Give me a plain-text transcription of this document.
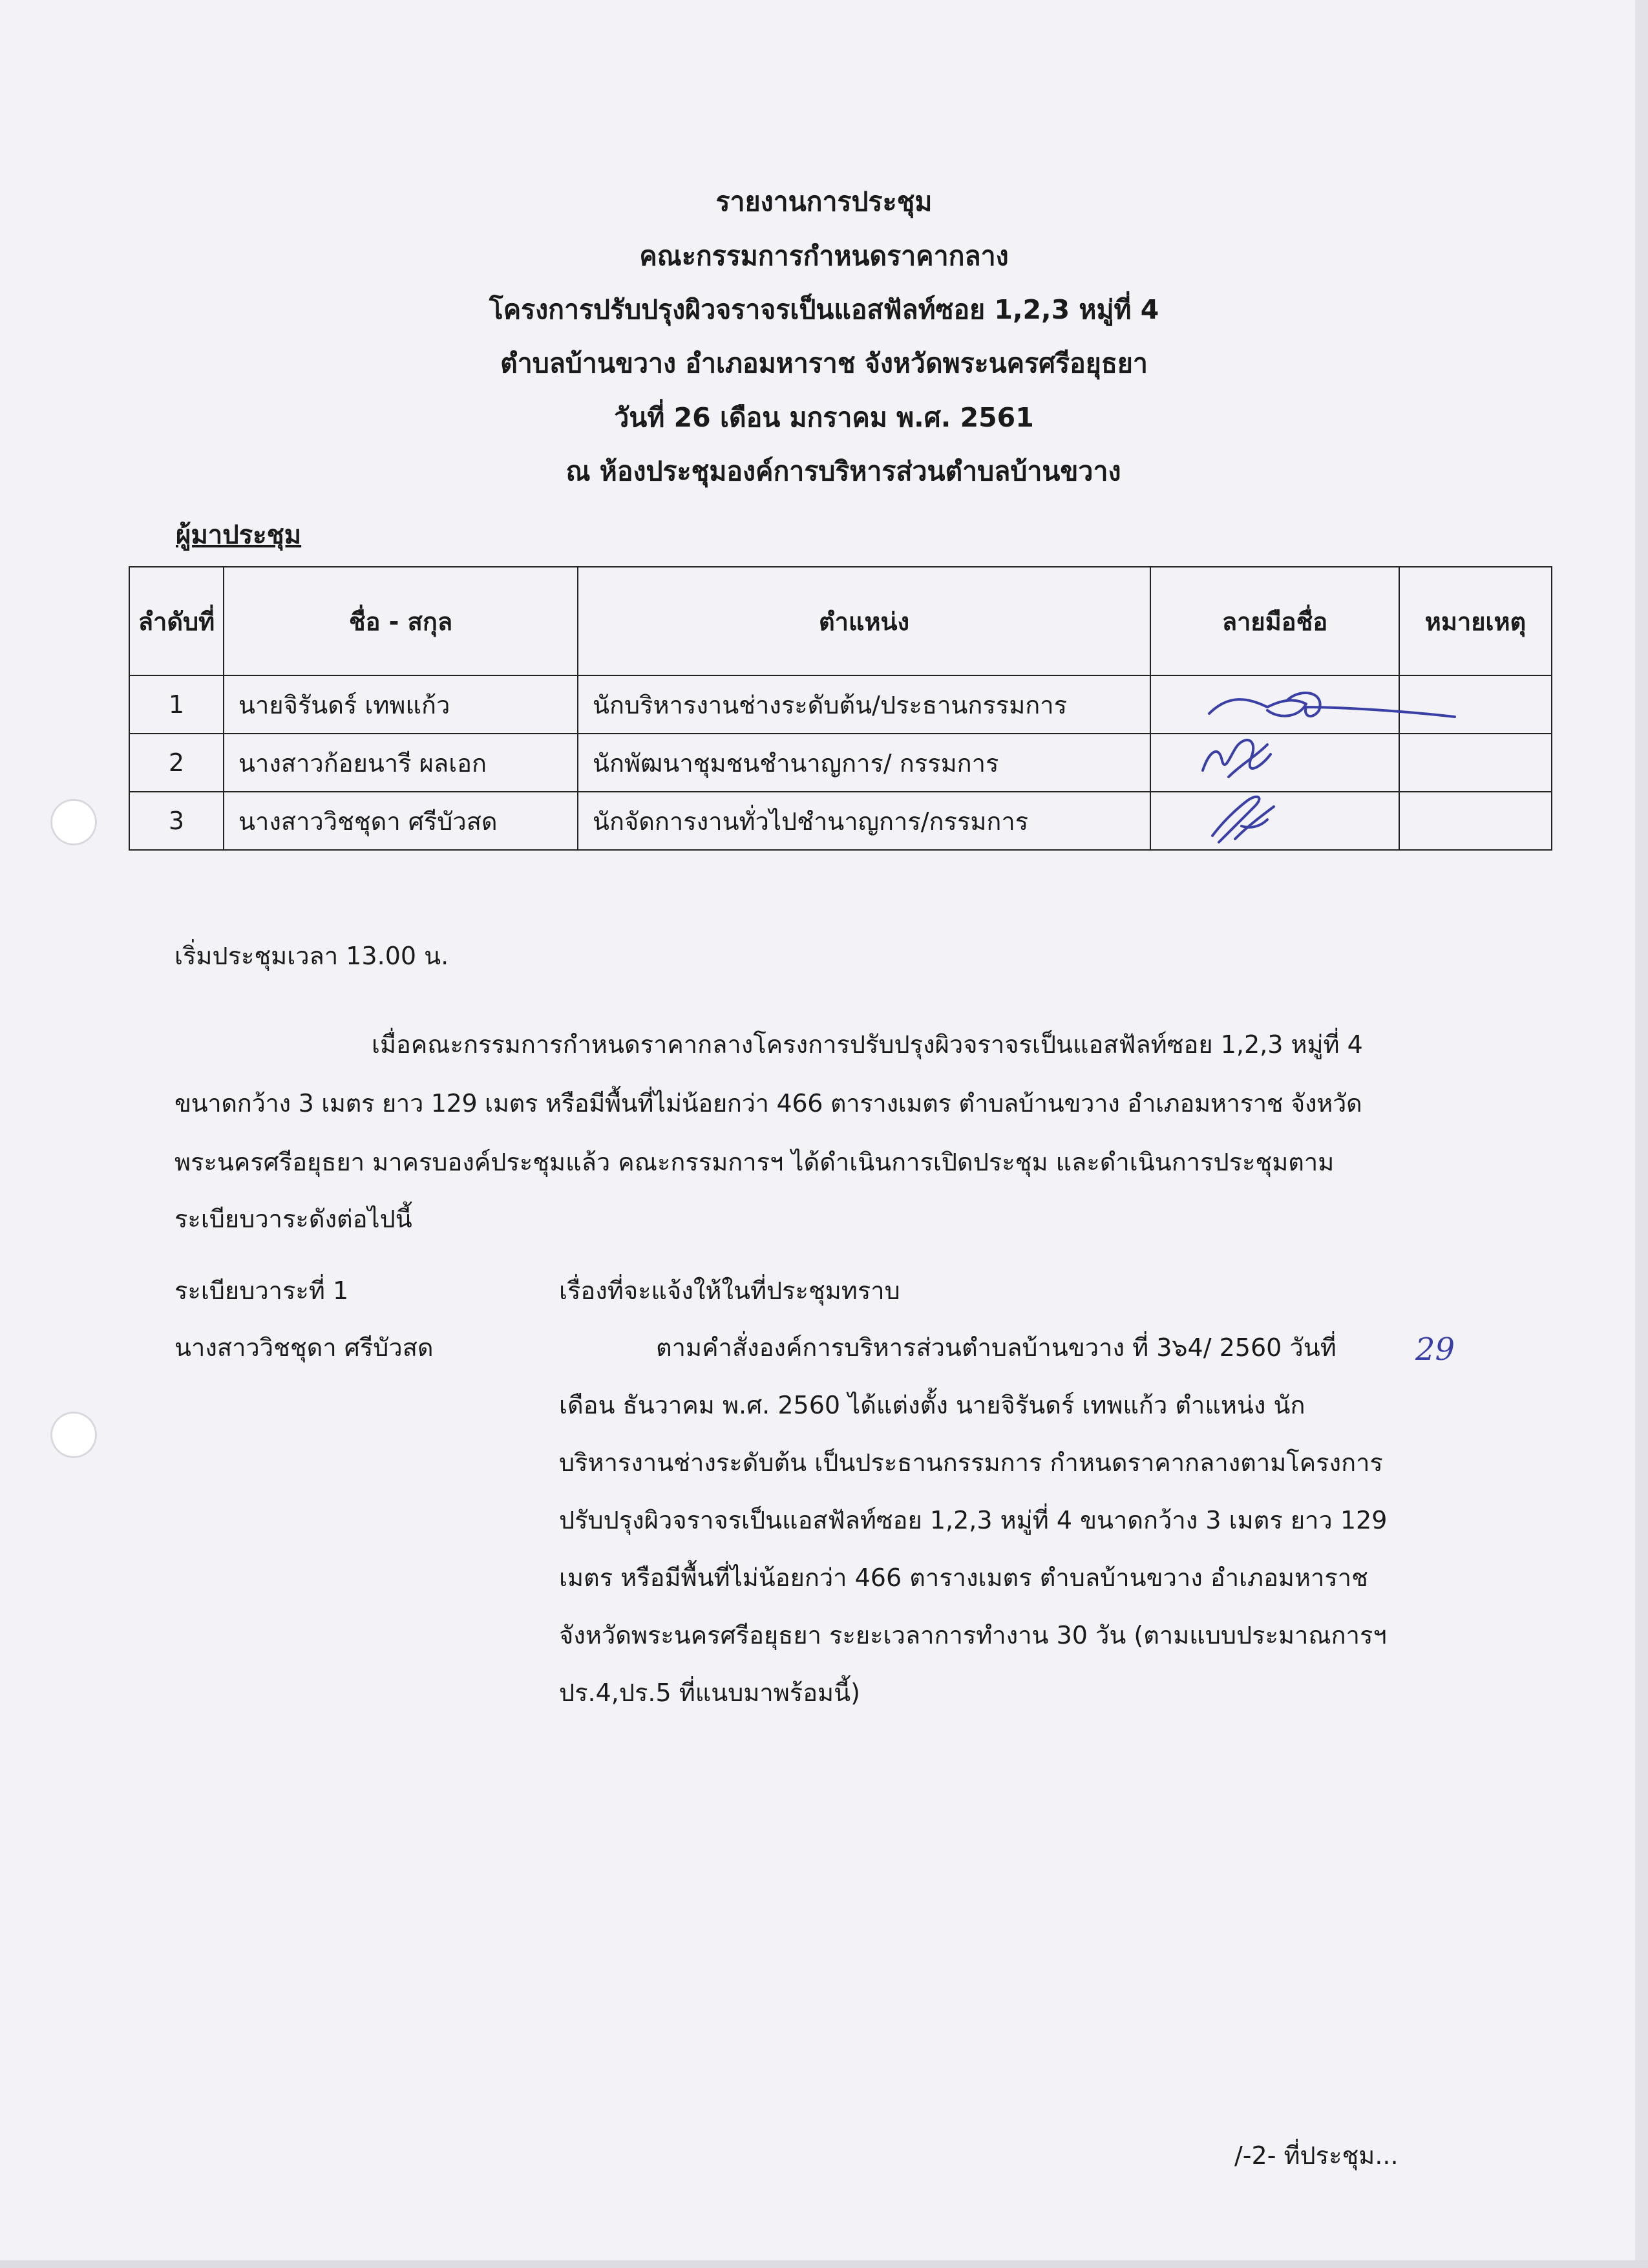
รายงานการประชุม
คณะกรรมการกำหนดราคากลาง
โครงการปรับปรุงผิวจราจรเป็นแอสฟัลท์ซอย 1,2,3 หมู่ที่ 4
ตำบลบ้านขวาง อำเภอมหาราช จังหวัดพระนครศรีอยุธยา
วันที่ 26 เดือน มกราคม พ.ศ. 2561
ณ ห้องประชุมองค์การบริหารส่วนตำบลบ้านขวาง
ผู้มาประชุม
ลำดับที่	ชื่อ - สกุล	ตำแหน่ง	ลายมือชื่อ	หมายเหตุ
1	นายจิรันดร์ เทพแก้ว	นักบริหารงานช่างระดับต้น/ประธานกรรมการ	

2	นางสาวก้อยนารี ผลเอก	นักพัฒนาชุมชนชำนาญการ/ กรรมการ	

3	นางสาววิชชุดา ศรีบัวสด	นักจัดการงานทั่วไปชำนาญการ/กรรมการ	

เริ่มประชุมเวลา 13.00 น.
เมื่อคณะกรรมการกำหนดราคากลางโครงการปรับปรุงผิวจราจรเป็นแอสฟัลท์ซอย 1,2,3 หมู่ที่ 4
ขนาดกว้าง 3 เมตร ยาว 129 เมตร หรือมีพื้นที่ไม่น้อยกว่า 466 ตารางเมตร ตำบลบ้านขวาง อำเภอมหาราช จังหวัด
พระนครศรีอยุธยา มาครบองค์ประชุมแล้ว คณะกรรมการฯ ได้ดำเนินการเปิดประชุม และดำเนินการประชุมตาม
ระเบียบวาระดังต่อไปนี้
ระเบียบวาระที่ 1	เรื่องที่จะแจ้งให้ในที่ประชุมทราบ
นางสาววิชชุดา ศรีบัวสด	ตามคำสั่งองค์การบริหารส่วนตำบลบ้านขวาง ที่ 3๖4/ 2560 วันที่	29
เดือน ธันวาคม พ.ศ. 2560 ได้แต่งตั้ง นายจิรันดร์ เทพแก้ว ตำแหน่ง นัก
บริหารงานช่างระดับต้น เป็นประธานกรรมการ กำหนดราคากลางตามโครงการ
ปรับปรุงผิวจราจรเป็นแอสฟัลท์ซอย 1,2,3 หมู่ที่ 4 ขนาดกว้าง 3 เมตร ยาว 129
เมตร หรือมีพื้นที่ไม่น้อยกว่า 466 ตารางเมตร ตำบลบ้านขวาง อำเภอมหาราช
จังหวัดพระนครศรีอยุธยา ระยะเวลาการทำงาน 30 วัน (ตามแบบประมาณการฯ
ปร.4,ปร.5 ที่แนบมาพร้อมนี้)
/-2- ที่ประชุม...
